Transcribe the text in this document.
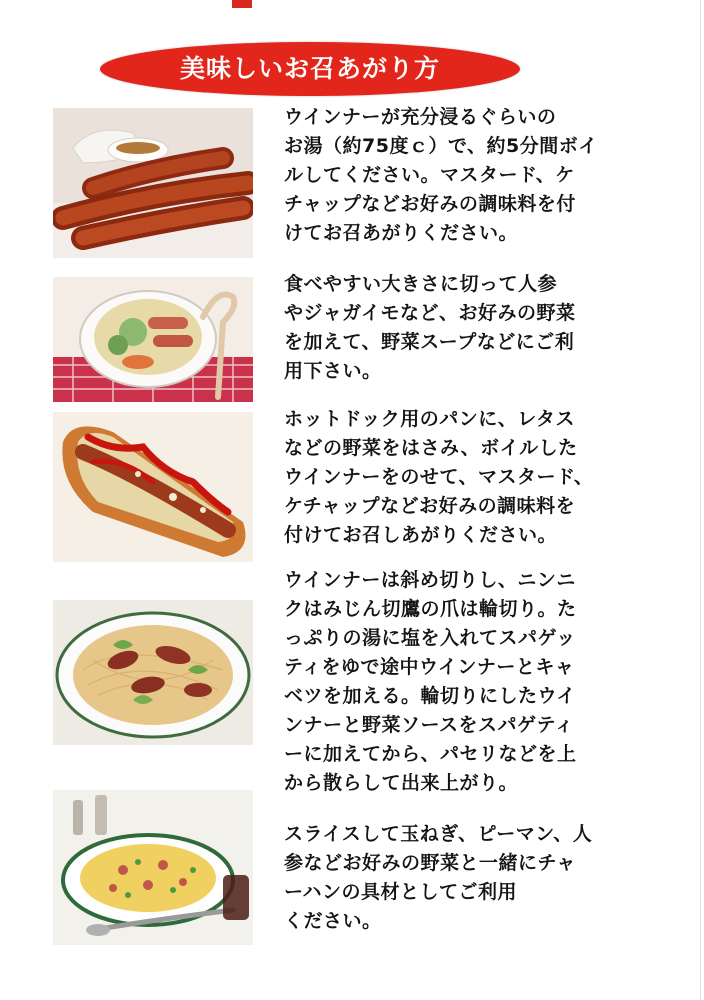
美味しいお召あがり方
ウインナーが充分浸るぐらいの
お湯（約75度ｃ）で、約5分間ボイ
ルしてください。マスタード、ケ
チャップなどお好みの調味料を付
けてお召あがりください。
食べやすい大きさに切って人参
やジャガイモなど、お好みの野菜
を加えて、野菜スープなどにご利
用下さい。
ホットドック用のパンに、レタス
などの野菜をはさみ、ボイルした
ウインナーをのせて、マスタード、
ケチャップなどお好みの調味料を
付けてお召しあがりください。
ウインナーは斜め切りし、ニンニ
クはみじん切鷹の爪は輪切り。た
っぷりの湯に塩を入れてスパゲッ
ティをゆで途中ウインナーとキャ
ベツを加える。輪切りにしたウイ
ンナーと野菜ソースをスパゲティ
ーに加えてから、パセリなどを上
から散らして出来上がり。
スライスして玉ねぎ、ピーマン、人
参などお好みの野菜と一緒にチャ
ーハンの具材としてご利用
ください。
